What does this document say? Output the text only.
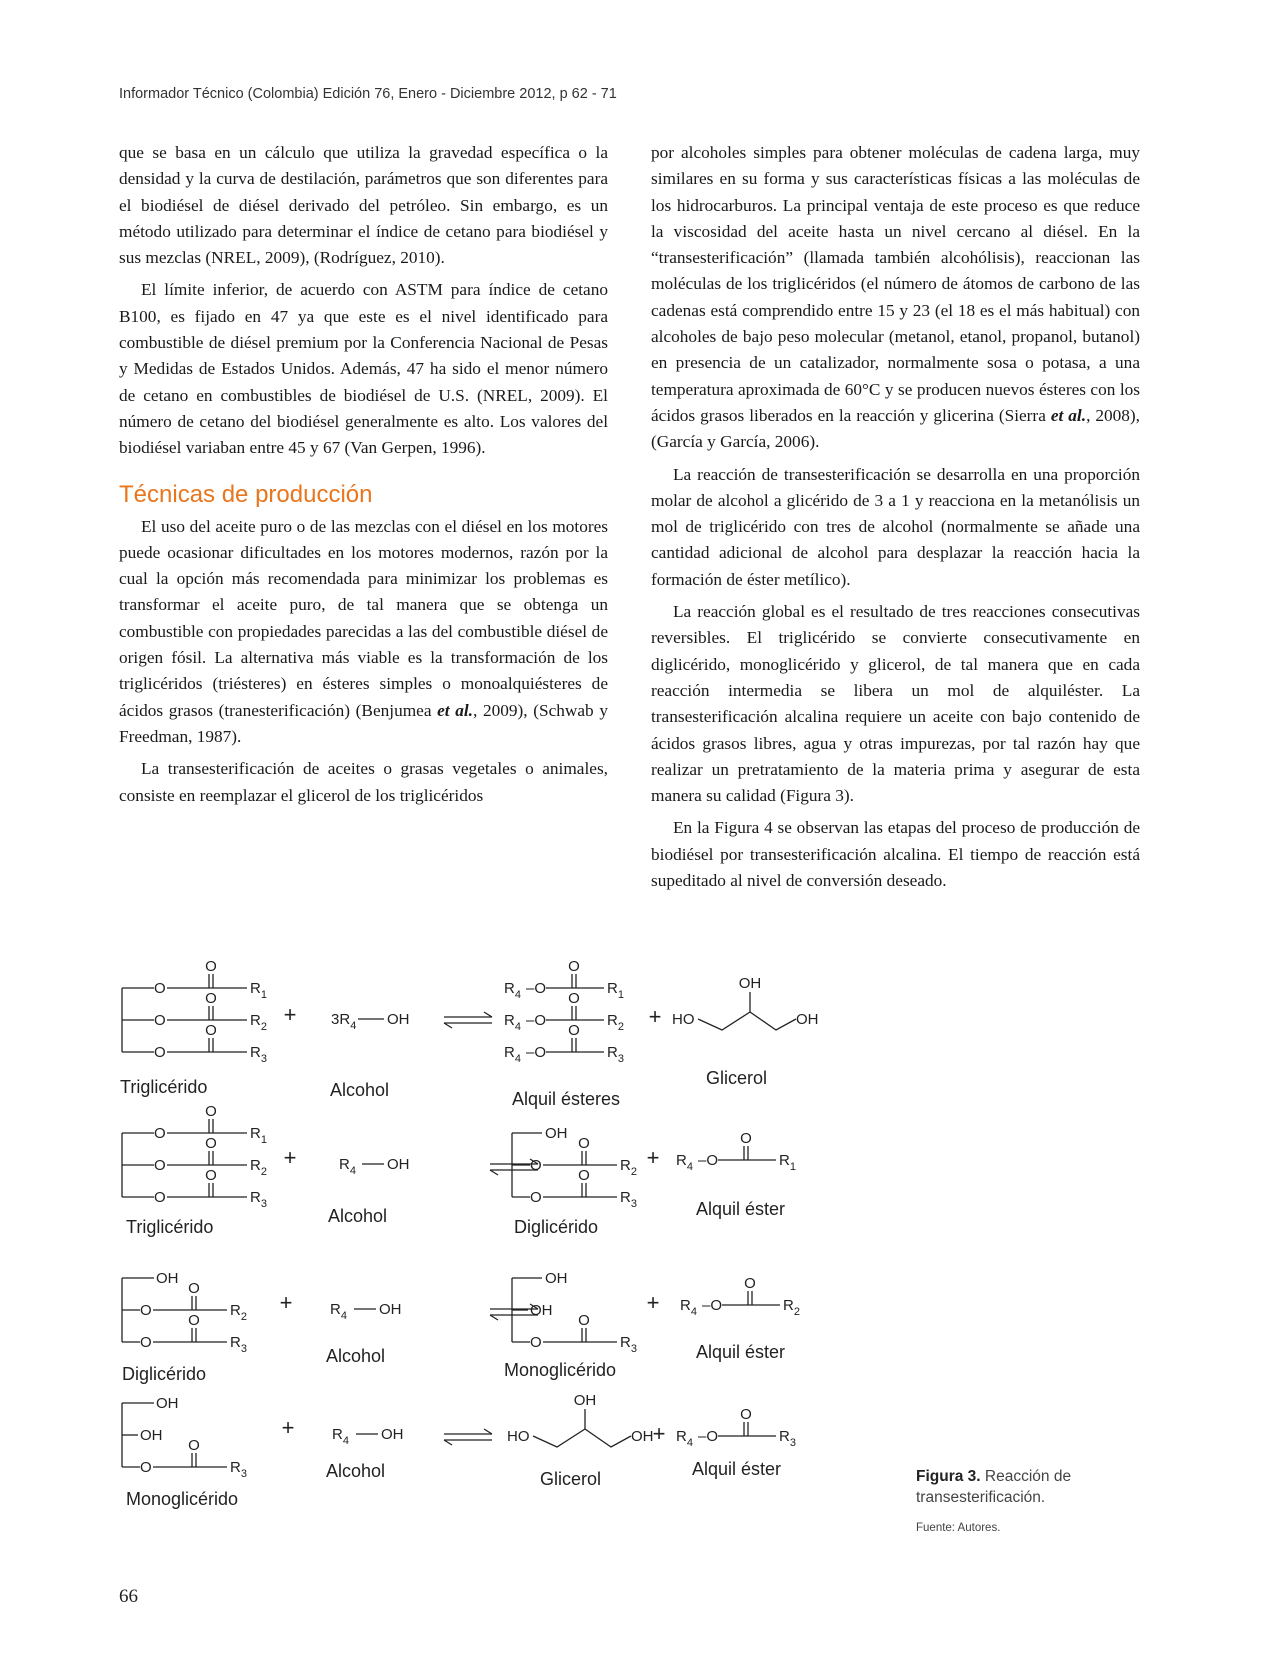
Informador Técnico (Colombia) Edición 76, Enero - Diciembre 2012, p 62 - 71

que se basa en un cálculo que utiliza la gravedad específica o la densidad y la curva de destilación, parámetros que son diferentes para el biodiésel de diésel derivado del petróleo. Sin embargo, es un método utilizado para determinar el índice de cetano para biodiésel y sus mezclas (NREL, 2009), (Rodríguez, 2010).

El límite inferior, de acuerdo con ASTM para índice de cetano B100, es fijado en 47 ya que este es el nivel identificado para combustible de diésel premium por la Conferencia Nacional de Pesas y Medidas de Estados Unidos. Además, 47 ha sido el menor número de cetano en combustibles de biodiésel de U.S. (NREL, 2009). El número de cetano del biodiésel generalmente es alto. Los valores del biodiésel variaban entre 45 y 67 (Van Gerpen, 1996).

Técnicas de producción

El uso del aceite puro o de las mezclas con el diésel en los motores puede ocasionar dificultades en los motores modernos, razón por la cual la opción más recomendada para minimizar los problemas es transformar el aceite puro, de tal manera que se obtenga un combustible con propiedades parecidas a las del combustible diésel de origen fósil. La alternativa más viable es la transformación de los triglicéridos (triésteres) en ésteres simples o monoalquiésteres de ácidos grasos (tranesterificación) (Benjumea et al., 2009), (Schwab y Freedman, 1987).

La transesterificación de aceites o grasas vegetales o animales, consiste en reemplazar el glicerol de los triglicéridos

por alcoholes simples para obtener moléculas de cadena larga, muy similares en su forma y sus características físicas a las moléculas de los hidrocarburos. La principal ventaja de este proceso es que reduce la viscosidad del aceite hasta un nivel cercano al diésel. En la “transesterificación” (llamada también alcohólisis), reaccionan las moléculas de los triglicéridos (el número de átomos de carbono de las cadenas está comprendido entre 15 y 23 (el 18 es el más habitual) con alcoholes de bajo peso molecular (metanol, etanol, propanol, butanol) en presencia de un catalizador, normalmente sosa o potasa, a una temperatura aproximada de 60°C y se producen nuevos ésteres con los ácidos grasos liberados en la reacción y glicerina (Sierra et al., 2008), (García y García, 2006).

La reacción de transesterificación se desarrolla en una proporción molar de alcohol a glicérido de 3 a 1 y reacciona en la metanólisis un mol de triglicérido con tres de alcohol (normalmente se añade una cantidad adicional de alcohol para desplazar la reacción hacia la formación de éster metílico).

La reacción global es el resultado de tres reacciones consecutivas reversibles. El triglicérido se convierte consecutivamente en diglicérido, monoglicérido y glicerol, de tal manera que en cada reacción intermedia se libera un mol de alquiléster. La transesterificación alcalina requiere un aceite con bajo contenido de ácidos grasos libres, agua y otras impurezas, por tal razón hay que realizar un pretratamiento de la materia prima y asegurar de esta manera su calidad (Figura 3).

En la Figura 4 se observan las etapas del proceso de producción de biodiésel por transesterificación alcalina. El tiempo de reacción está supeditado al nivel de conversión deseado.

O
O
$R_1$
O
O
$R_2$
O
O
$R_3$
Triglicérido
+ $3R_4$ OH
Alcohol
$R_4$ –O
O
$R_1$
$R_4$ –O
O
$R_2$
$R_4$ –O
O
$R_3$
Alquil ésteres
+ HO
OH
OH
Glicerol
O
O
$R_1$
O
O
$R_2$
O
O
$R_3$
Triglicérido
+	$R_4$ OH
Alcohol
OH
O
O
$R_2$
O
O
$R_3$
Diglicérido
+ $R_4$ –O
O
$R_1$
Alquil éster
OH
O
O
$R_2$
O
O
$R_3$
Diglicérido
+	$R_4$ OH
Alcohol
OH
OH
O
O
$R_3$
Monoglicérido
+ $R_4$ –O
O
$R_2$
Alquil éster
OH
OH
O
O
$R_3$
Monoglicérido
+	$R_4$ OH
Alcohol
HO
OH
OH
Glicerol
+ $R_4$ –O
O
$R_3$
Alquil éster	Figura 3. Reacción de transesterificación.
Fuente: Autores.
66
